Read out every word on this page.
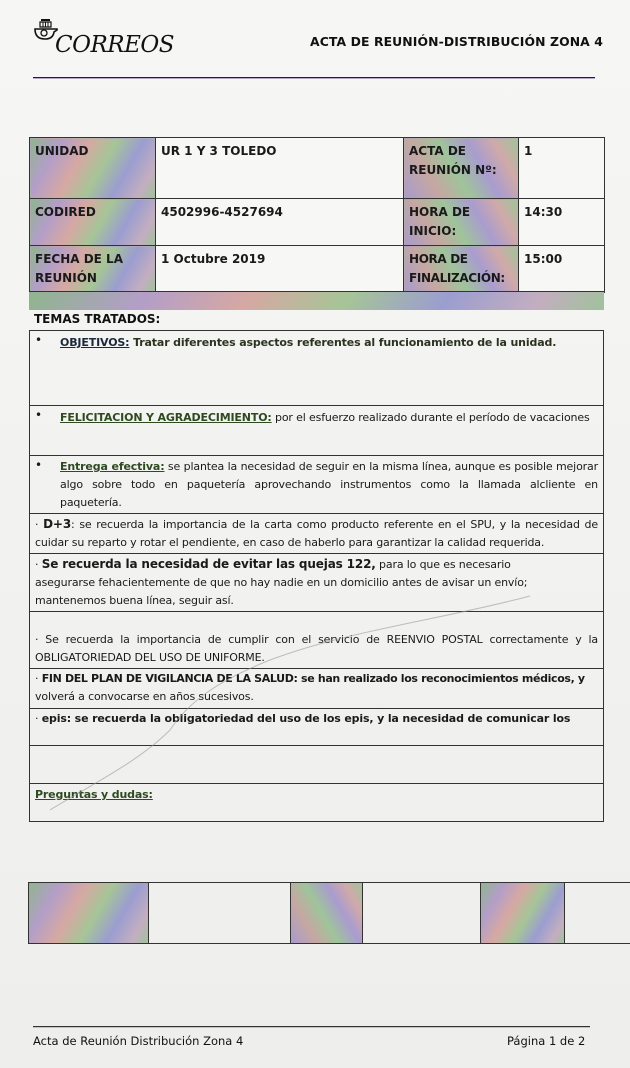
CORREOS	ACTA DE REUNIÓN-DISTRIBUCIÓN ZONA 4
UNIDAD	UR 1 Y 3 TOLEDO	ACTA DE REUNIÓN Nº:	1
CODIRED	4502996-4527694	HORA DE INICIO:	14:30
FECHA DE LA REUNIÓN	1 Octubre 2019	HORA DE FINALIZACIÓN:	15:00
TEMAS TRATADOS:
• OBJETIVOS: Tratar diferentes aspectos referentes al funcionamiento de la unidad.
• FELICITACION Y AGRADECIMIENTO: por el esfuerzo realizado durante el período de vacaciones
• Entrega efectiva: se plantea la necesidad de seguir en la misma línea, aunque es posible mejorar algo sobre todo en paquetería aprovechando instrumentos como la llamada alcliente en paquetería.
· D+3: se recuerda la importancia de la carta como producto referente en el SPU, y la necesidad de cuidar su reparto y rotar el pendiente, en caso de haberlo para garantizar la calidad requerida.
· Se recuerda la necesidad de evitar las quejas 122, para lo que es necesario asegurarse fehacientemente de que no hay nadie en un domicilio antes de avisar un envío; mantenemos buena línea, seguir así.
· Se recuerda la importancia de cumplir con el servicio de REENVIO POSTAL correctamente y la OBLIGATORIEDAD DEL USO DE UNIFORME.
· FIN DEL PLAN DE VIGILANCIA DE LA SALUD: se han realizado los reconocimientos médicos, y volverá a convocarse en años sucesivos.
· epis: se recuerda la obligatoriedad del uso de los epis, y la necesidad de comunicar los
Preguntas y dudas:
Acta de Reunión Distribución Zona 4	Página 1 de 2
